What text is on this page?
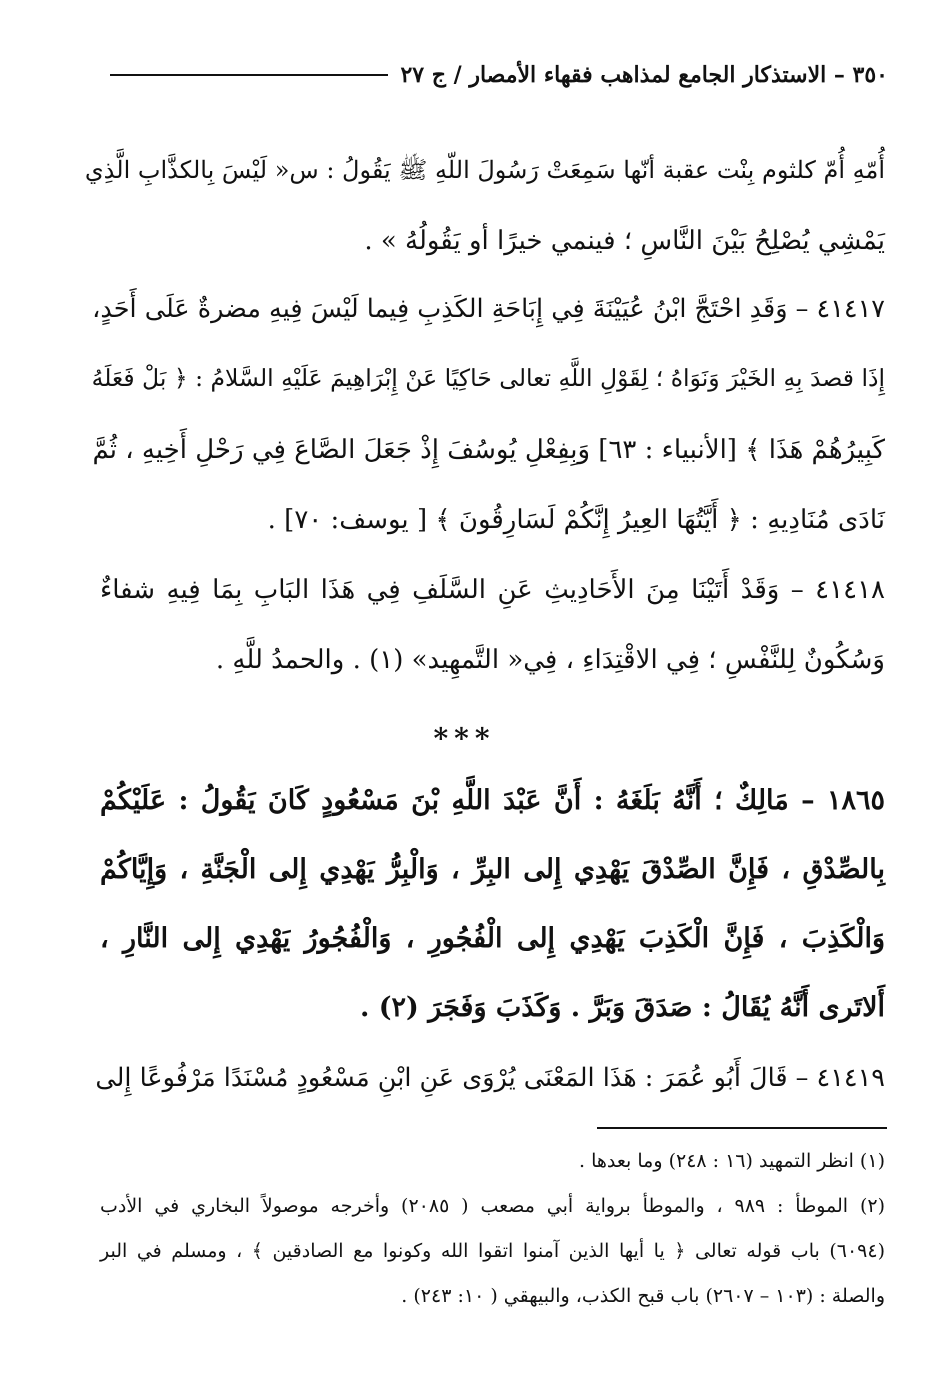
٣٥٠ – الاستذكار الجامع لمذاهب فقهاء الأمصار / ج ٢٧
أُمّهِ أُمّ كلثوم بِنْت عقبة أنّها سَمِعَتْ رَسُولَ اللّهِ ﷺ يَقُولُ : س« لَيْسَ بِالكذَّابِ الَّذِي
يَمْشِي يُصْلِحُ بَيْنَ النَّاسِ ؛ فينمي خيرًا أو يَقُولُهُ » .
٤١٤١٧ – وَقَدِ احْتَجَّ ابْنُ عُيَيْنَةَ فِي إِبَاحَةِ الكَذِبِ فِيما لَيْسَ فِيهِ مضرةٌ عَلَى أَحَدٍ،
إِذَا قصدَ بِهِ الخَيْرَ وَنَوَاهُ ؛ لِقَوْلِ اللَّهِ تعالى حَاكِيًا عَنْ إِبْرَاهِيمَ عَلَيْهِ السَّلامُ : ﴿ بَلْ فَعَلَهُ
كَبِيرُهُمْ هَذَا ﴾ [الأنبياء : ٦٣] وَبِفِعْلِ يُوسُفَ إِذْ جَعَلَ الصَّاعَ فِي رَحْلِ أَخِيهِ ، ثُمَّ
نَادَى مُنَادِيهِ : ﴿ أَيَّتُهَا العِيرُ إِنَّكُمْ لَسَارِقُونَ ﴾ [ يوسف: ٧٠] .
٤١٤١٨ – وَقَدْ أَتَيْنَا مِنَ الأَحَادِيثِ عَنِ السَّلَفِ فِي هَذَا البَابِ بِمَا فِيهِ شفاءٌ
وَسُكُونٌ لِلنَّفْسِ ؛ فِي الاقْتِدَاءِ ، فِي« التَّمهِيد» (١) . والحمدُ للَّهِ .
***
١٨٦٥ – مَالِكٌ ؛ أَنَّهُ بَلَغَهُ : أَنَّ عَبْدَ اللَّهِ بْنَ مَسْعُودٍ كَانَ يَقُولُ : عَلَيْكُمْ
بِالصِّدْقِ ، فَإِنَّ الصِّدْقَ يَهْدِي إِلى البِرِّ ، وَالْبِرُّ يَهْدِي إِلى الْجَنَّةِ ، وَإِيَّاكُمْ
وَالْكَذِبَ ، فَإِنَّ الْكَذِبَ يَهْدِي إِلى الْفُجُورِ ، وَالْفُجُورُ يَهْدِي إِلى النَّارِ ،
أَلاتَرى أَنَّهُ يُقَالُ : صَدَقَ وَبَرَّ . وَكَذَبَ وَفَجَرَ (٢) .
٤١٤١٩ – قَالَ أَبُو عُمَرَ : هَذَا المَعْنَى يُرْوَى عَنِ ابْنِ مَسْعُودٍ مُسْنَدًا مَرْفُوعًا إِلى
(١) انظر التمهيد (١٦ : ٢٤٨) وما بعدها .
(٢) الموطأ : ٩٨٩ ، والموطأ برواية أبي مصعب ( ٢٠٨٥) وأخرجه موصولاً البخاري في الأدب
(٦٠٩٤) باب قوله تعالى ﴿ يا أيها الذين آمنوا اتقوا الله وكونوا مع الصادقين ﴾ ، ومسلم في البر
والصلة : (١٠٣ – ٢٦٠٧) باب قبح الكذب، والبيهقي ( ١٠: ٢٤٣) .
